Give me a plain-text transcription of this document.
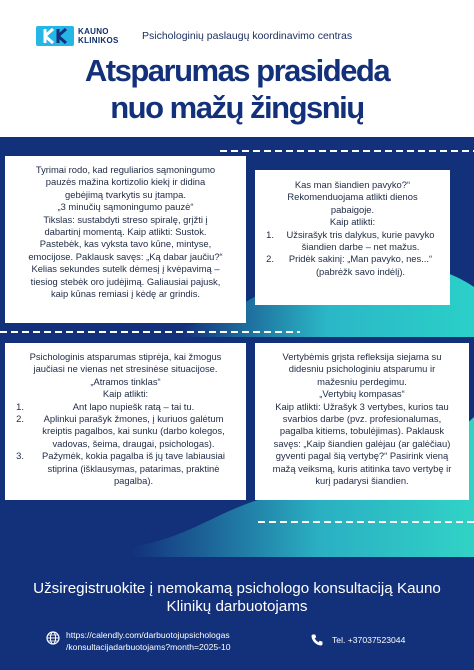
KAUNO
KLINIKOS Psichologinių paslaugų koordinavimo centras
Atsparumas prasideda
nuo mažų žingsnių

Tyrimai rodo, kad reguliarios sąmoningumo

pauzės mažina kortizolio kiekį ir didina

gebėjimą tvarkytis su įtampa.

„3 minučių sąmoningumo pauzė“

Tikslas: sustabdyti streso spiralę, grįžti į

dabartinį momentą. Kaip atlikti: Sustok.

Pastebėk, kas vyksta tavo kūne, mintyse,

emocijose. Paklausk savęs: „Ką dabar jaučiu?“

Kelias sekundes sutelk dėmesį į kvėpavimą –

tiesiog stebėk oro judėjimą. Galiausiai pajusk,

kaip kūnas remiasi į kėdę ar grindis.

Kas man šiandien pavyko?“

Rekomenduojama atlikti dienos

pabaigoje.

Kaip atlikti:

1.	Užsirašyk tris dalykus, kurie pavyko šiandien darbe – net mažus.
2.	Pridėk sakinį: „Man pavyko, nes...“ (pabrėžk savo indėlį).

Psichologinis atsparumas stiprėja, kai žmogus

jaučiasi ne vienas net stresinėse situacijose.

„Atramos tinklas“

Kaip atlikti:

1.	Ant lapo nupiešk ratą – tai tu.
2.	Aplinkui parašyk žmones, į kuriuos galėtum kreiptis pagalbos, kai sunku (darbo kolegos, vadovas, šeima, draugai, psichologas).
3.	Pažymėk, kokia pagalba iš jų tave labiausiai stiprina (išklausymas, patarimas, praktinė pagalba).

Vertybėmis grįsta refleksija siejama su

didesniu psichologiniu atsparumu ir

mažesniu perdegimu.

„Vertybių kompasas“

Kaip atlikti: Užrašyk 3 vertybes, kurios tau

svarbios darbe (pvz. profesionalumas,

pagalba kitiems, tobulėjimas). Paklausk

savęs: „Kaip šiandien galėjau (ar galėčiau)

gyventi pagal šią vertybę?“ Pasirink vieną

mažą veiksmą, kuris atitinka tavo vertybę ir

kurį padarysi šiandien.

Užsiregistruokite į nemokamą psichologo konsultaciją Kauno
Klinikų darbuotojams
https://calendly.com/darbuotojupsichologas
/konsultacijadarbuotojams?month=2025-10
Tel. +37037523044
